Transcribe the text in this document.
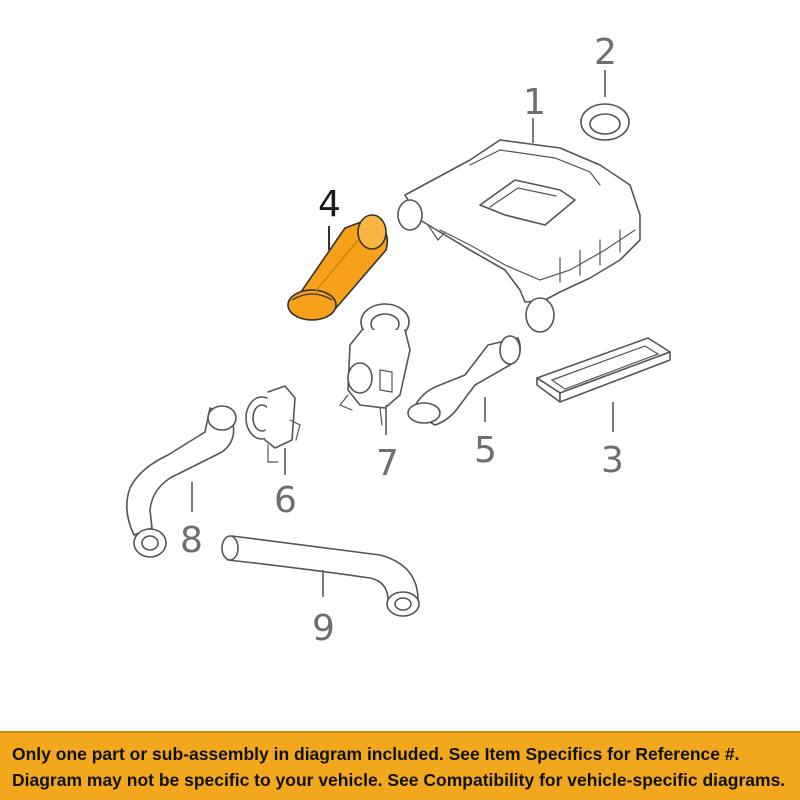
1
2
3
4
5
7
6
8
9
Only one part or sub-assembly in diagram included. See Item Specifics for Reference #.
Diagram may not be specific to your vehicle. See Compatibility for vehicle-specific diagrams.
